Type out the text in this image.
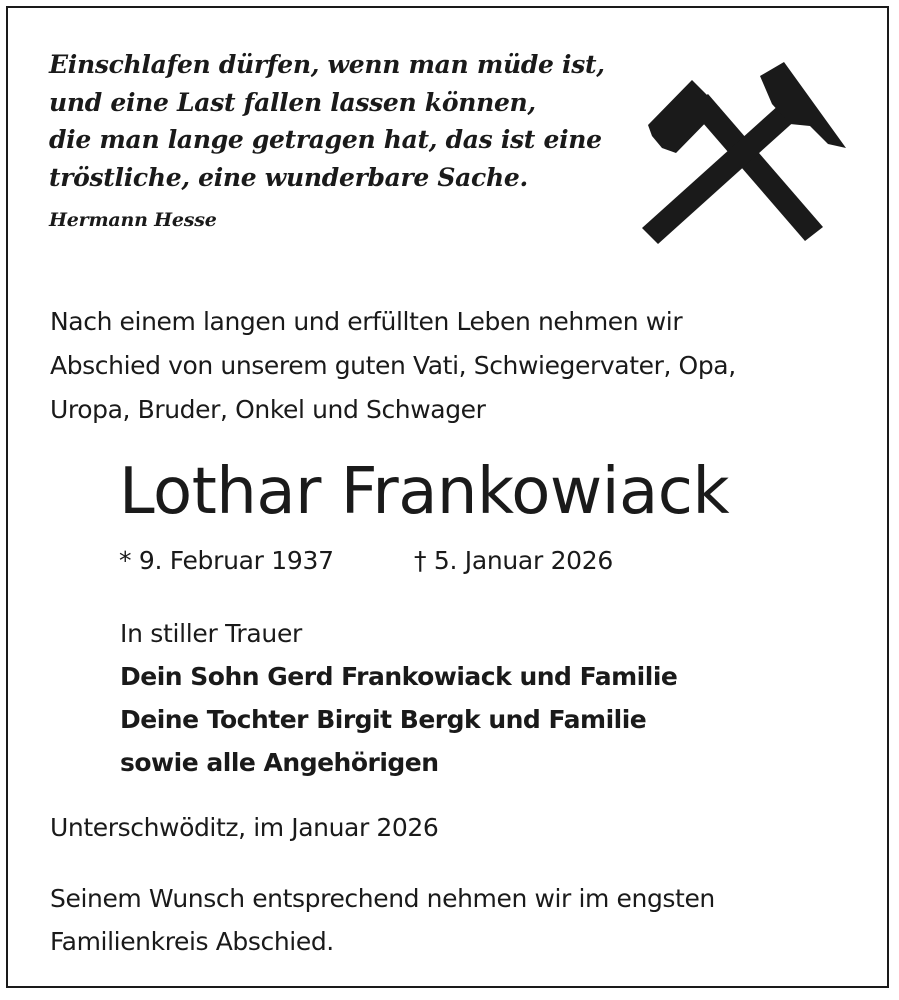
Einschlafen dürfen, wenn man müde ist,
und eine Last fallen lassen können,
die man lange getragen hat, das ist eine
tröstliche, eine wunderbare Sache.
Hermann Hesse
Nach einem langen und erfüllten Leben nehmen wir
Abschied von unserem guten Vati, Schwiegervater, Opa,
Uropa, Bruder, Onkel und Schwager
Lothar Frankowiack
* 9. Februar 1937	† 5. Januar 2026
In stiller Trauer
Dein Sohn Gerd Frankowiack und Familie
Deine Tochter Birgit Bergk und Familie
sowie alle Angehörigen
Unterschwöditz, im Januar 2026
Seinem Wunsch entsprechend nehmen wir im engsten
Familienkreis Abschied.
